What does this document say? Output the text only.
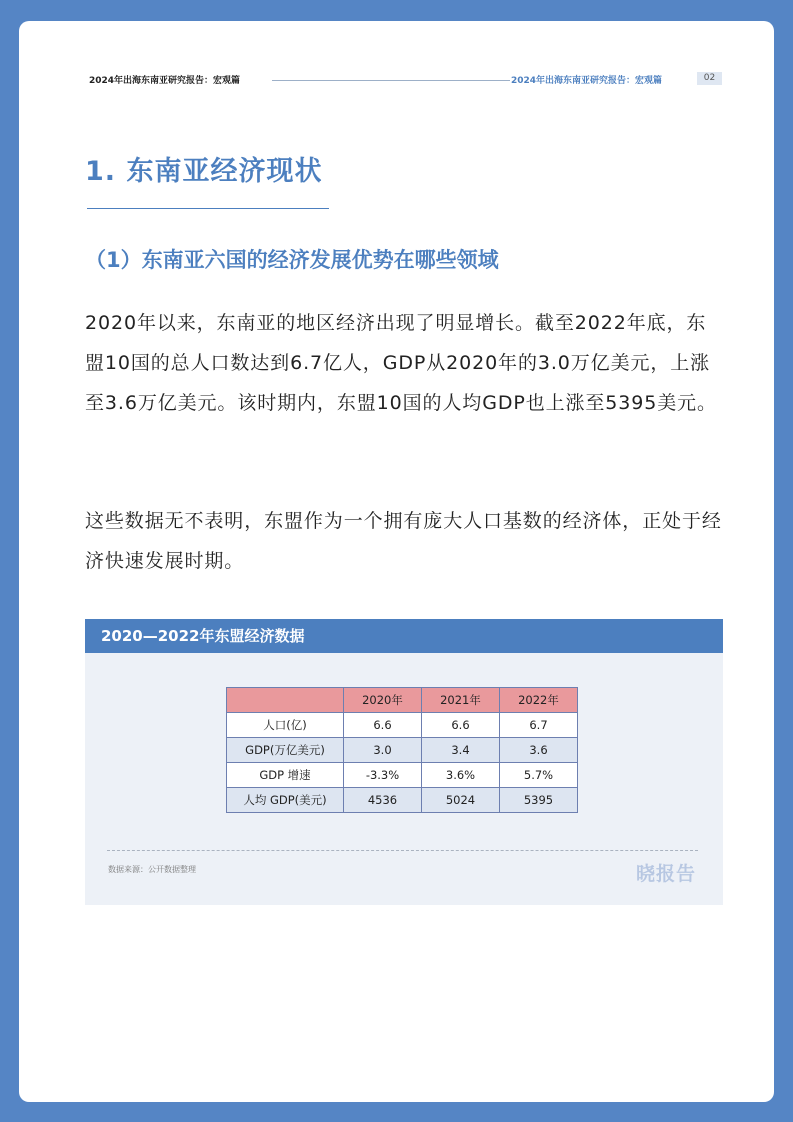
2024年出海东南亚研究报告：宏观篇	2024年出海东南亚研究报告：宏观篇	02
1. 东南亚经济现状
（1）东南亚六国的经济发展优势在哪些领域

2020年以来，东南亚的地区经济出现了明显增长。截至2022年底，东盟10国的总人口数达到6.7亿人，GDP从2020年的3.0万亿美元，上涨至3.6万亿美元。该时期内，东盟10国的人均GDP也上涨至5395美元。

这些数据无不表明，东盟作为一个拥有庞大人口基数的经济体，正处于经济快速发展时期。

2020—2022年东盟经济数据
	2020年	2021年	2022年
人口(亿)	6.6	6.6	6.7
GDP(万亿美元)	3.0	3.4	3.6
GDP 增速	-3.3%	3.6%	5.7%
人均 GDP(美元)	4536	5024	5395
数据来源：公开数据整理	晓报告
